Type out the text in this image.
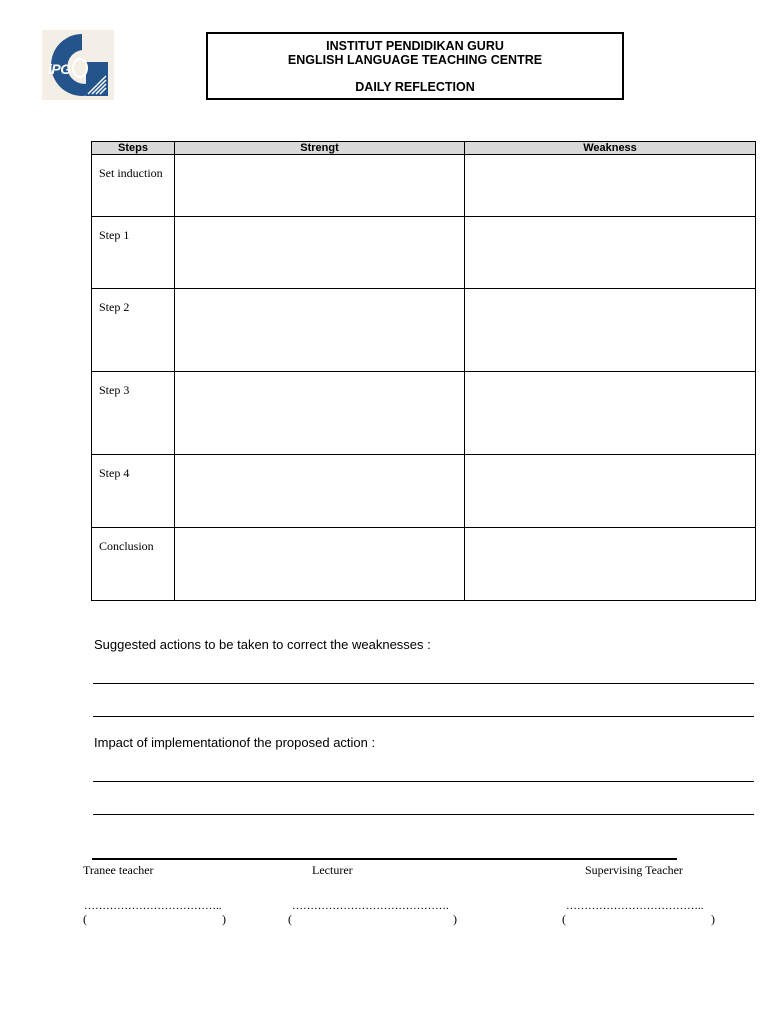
iPG
INSTITUT PENDIDIKAN GURU
ENGLISH LANGUAGE TEACHING CENTRE
DAILY REFLECTION
Steps	Strengt	Weakness
Set induction		
Step 1		
Step 2		
Step 3		
Step 4		
Conclusion		
Suggested actions to be taken to correct the weaknesses :
Impact of implementationof the proposed action :
Tranee teacher	Lecturer	Supervising Teacher
………………………………..	…………………………………….	………………………………..
(	)	(	)	(	)
